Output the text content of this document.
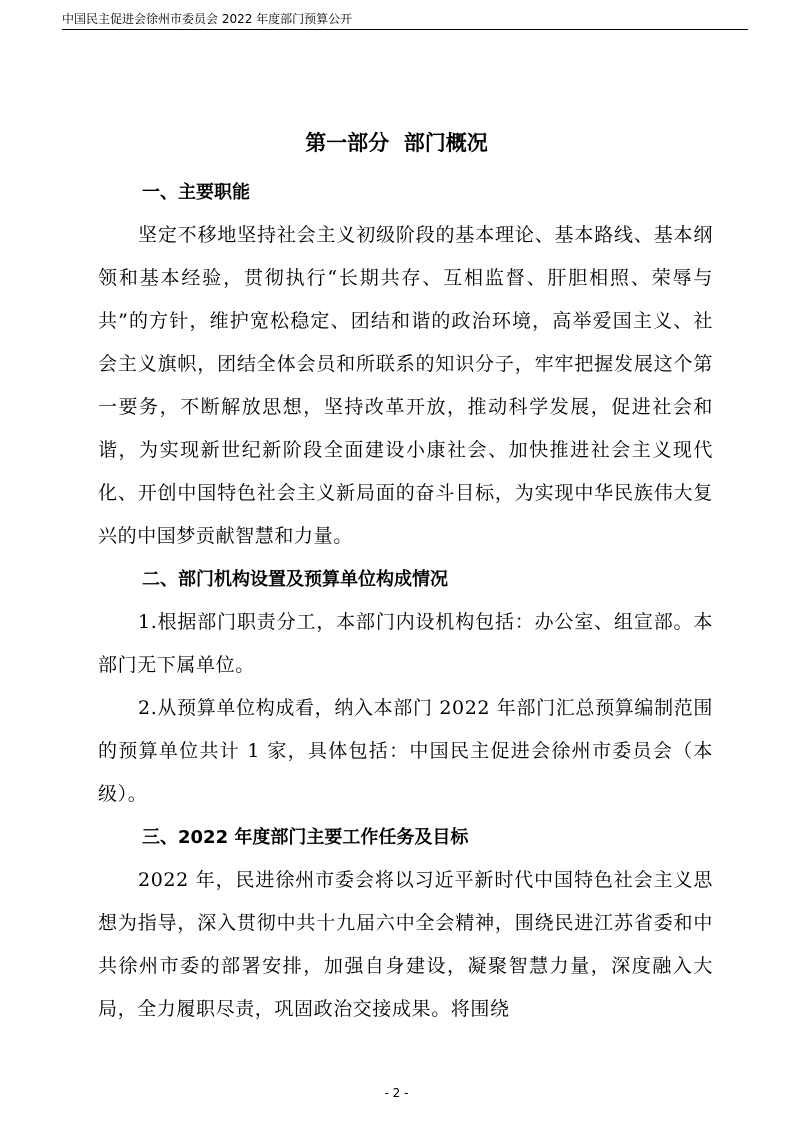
中国民主促进会徐州市委员会 2022 年度部门预算公开
第一部分  部门概况
一、主要职能

坚定不移地坚持社会主义初级阶段的基本理论、基本路线、基本纲领和基本经验，贯彻执行“长期共存、互相监督、肝胆相照、荣辱与共”的方针，维护宽松稳定、团结和谐的政治环境，高举爱国主义、社会主义旗帜，团结全体会员和所联系的知识分子，牢牢把握发展这个第一要务，不断解放思想，坚持改革开放，推动科学发展，促进社会和谐，为实现新世纪新阶段全面建设小康社会、加快推进社会主义现代化、开创中国特色社会主义新局面的奋斗目标，为实现中华民族伟大复兴的中国梦贡献智慧和力量。

二、部门机构设置及预算单位构成情况

1.根据部门职责分工，本部门内设机构包括：办公室、组宣部。本部门无下属单位。

2.从预算单位构成看，纳入本部门 2022 年部门汇总预算编制范围的预算单位共计 1 家，具体包括：中国民主促进会徐州市委员会（本级）。

三、2022 年度部门主要工作任务及目标

2022 年，民进徐州市委会将以习近平新时代中国特色社会主义思想为指导，深入贯彻中共十九届六中全会精神，围绕民进江苏省委和中共徐州市委的部署安排，加强自身建设，凝聚智慧力量，深度融入大局，全力履职尽责，巩固政治交接成果。将围绕

- 2 -
